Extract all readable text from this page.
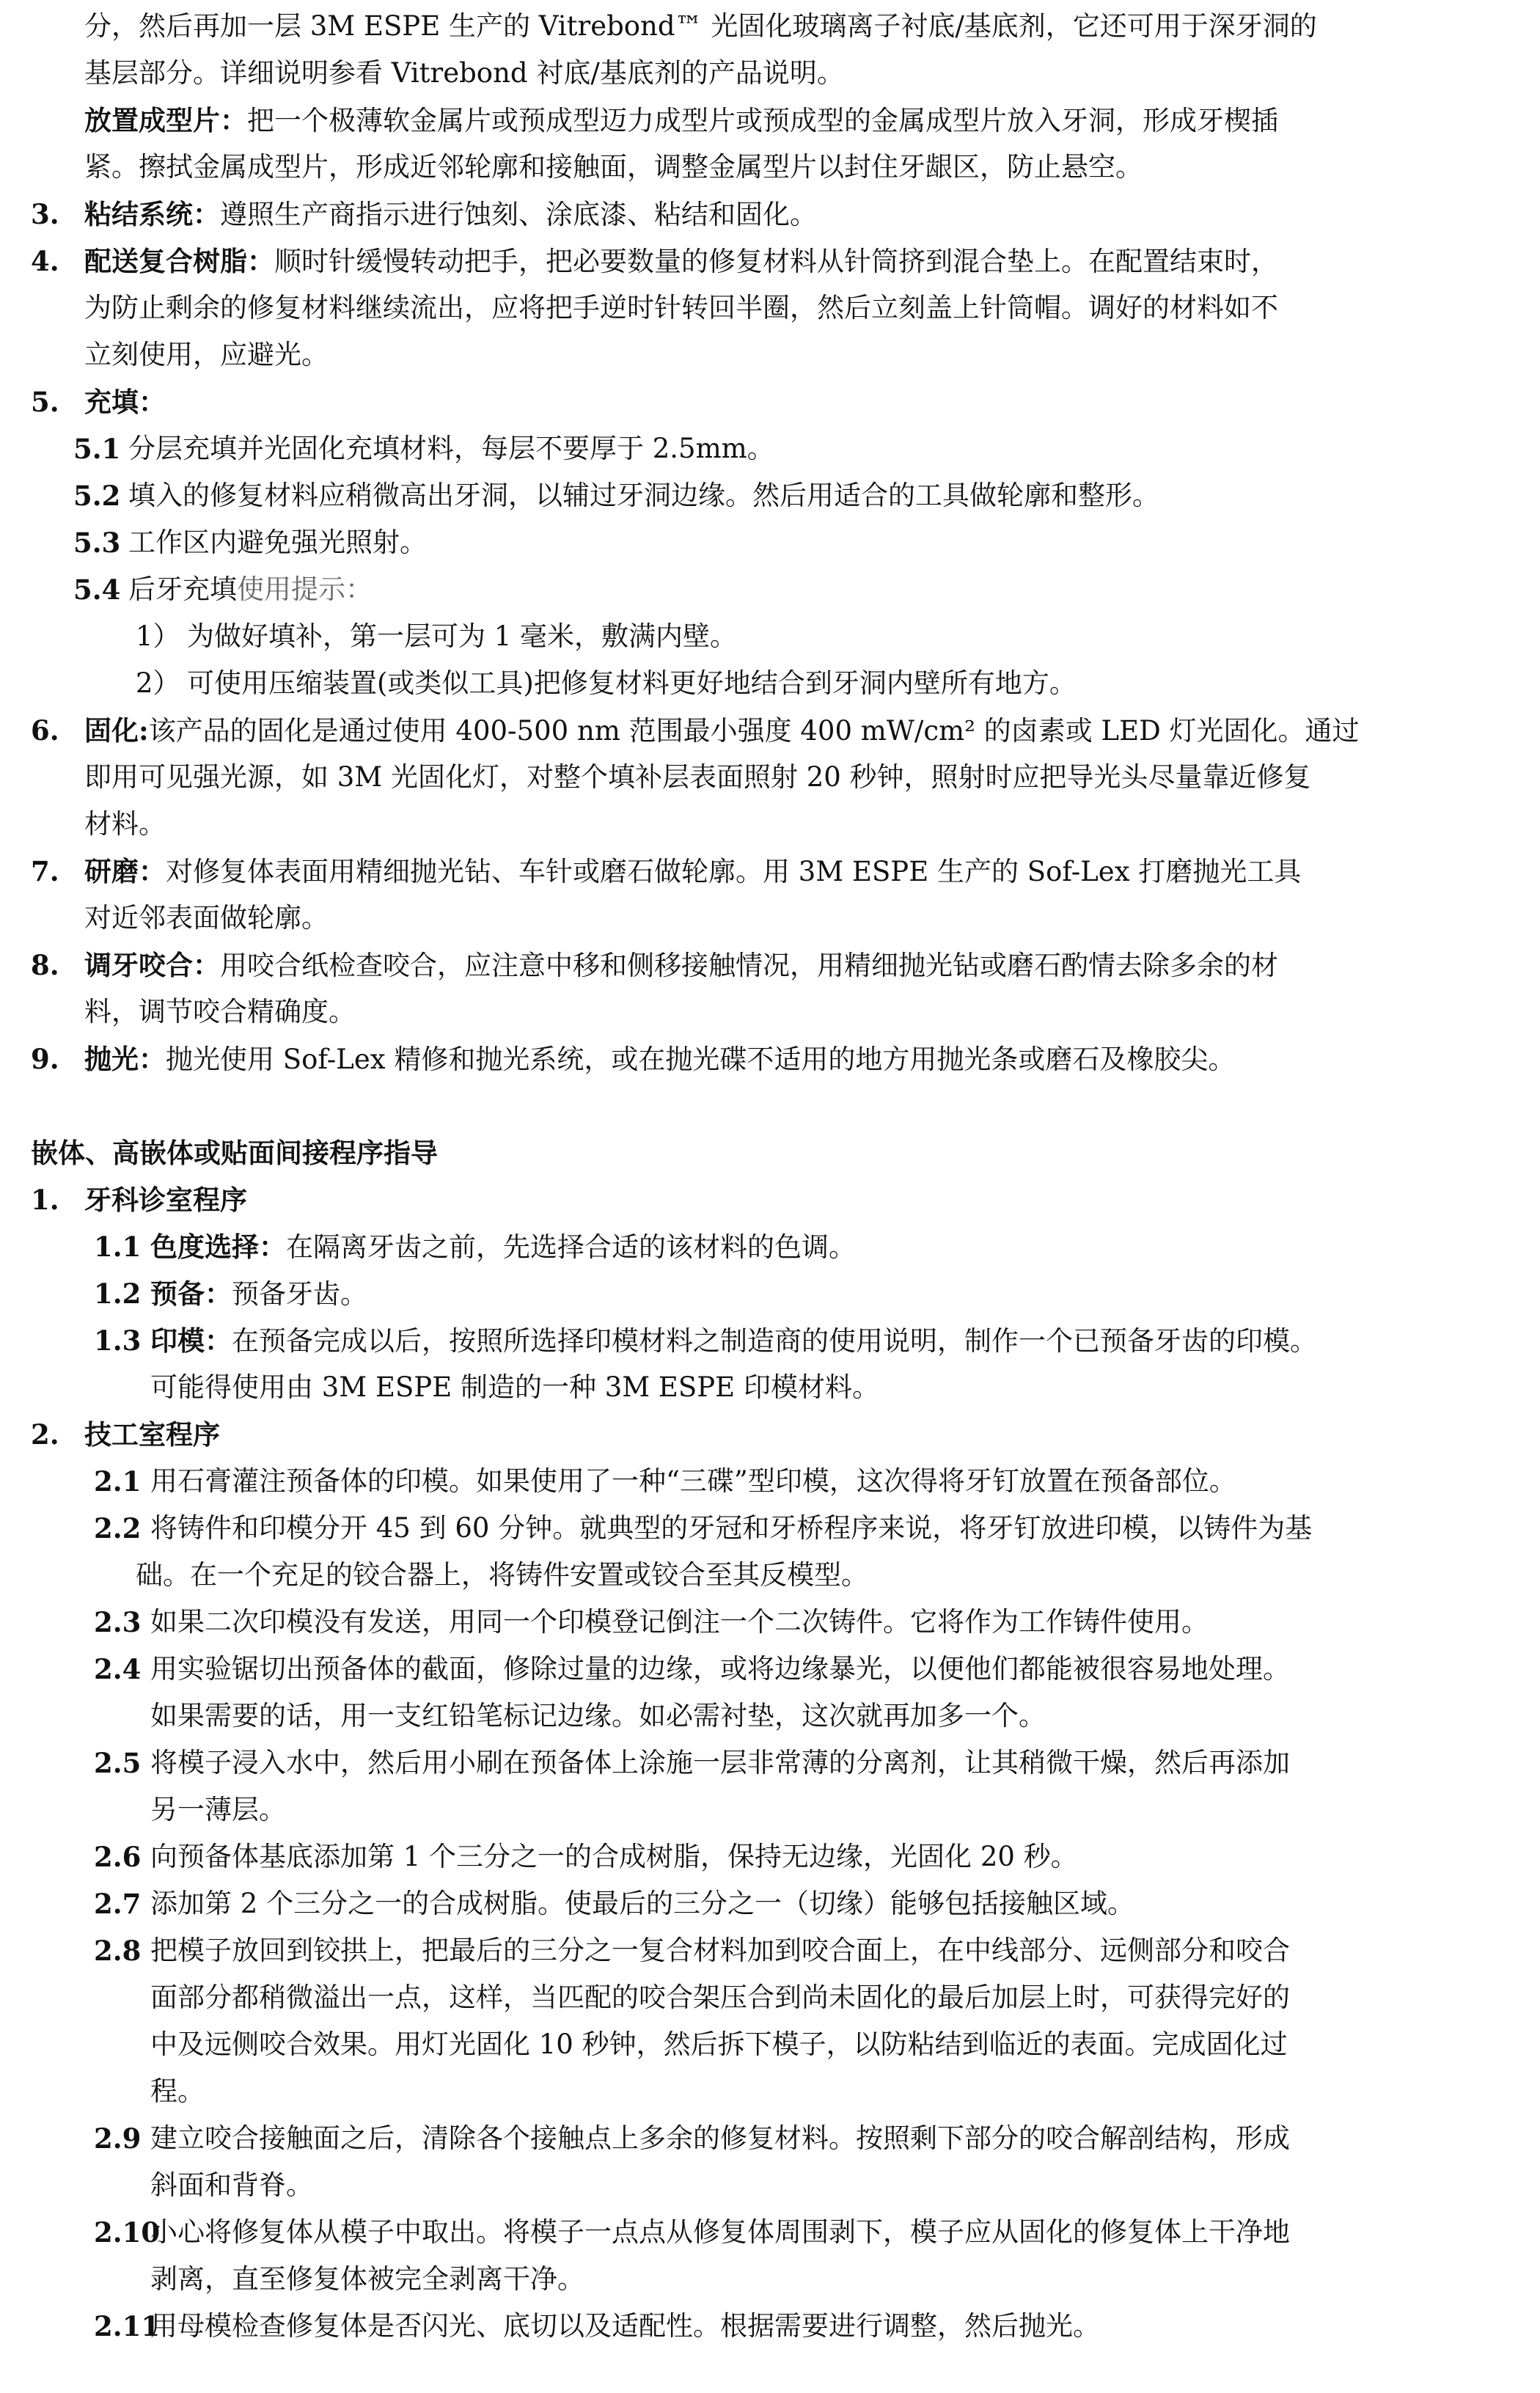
分，然后再加一层 3M ESPE 生产的 Vitrebond™ 光固化玻璃离子衬底/基底剂，它还可用于深牙洞的
基层部分。详细说明参看 Vitrebond 衬底/基底剂的产品说明。
放置成型片：把一个极薄软金属片或预成型迈力成型片或预成型的金属成型片放入牙洞，形成牙楔插
紧。擦拭金属成型片，形成近邻轮廓和接触面，调整金属型片以封住牙龈区，防止悬空。
3. 粘结系统：遵照生产商指示进行蚀刻、涂底漆、粘结和固化。
4. 配送复合树脂：顺时针缓慢转动把手，把必要数量的修复材料从针筒挤到混合垫上。在配置结束时，
为防止剩余的修复材料继续流出，应将把手逆时针转回半圈，然后立刻盖上针筒帽。调好的材料如不
立刻使用，应避光。
5. 充填：
5.1 分层充填并光固化充填材料，每层不要厚于 2.5mm。
5.2 填入的修复材料应稍微高出牙洞，以辅过牙洞边缘。然后用适合的工具做轮廓和整形。
5.3 工作区内避免强光照射。
5.4 后牙充填使用提示：
1） 为做好填补，第一层可为 1 毫米，敷满内壁。
2） 可使用压缩装置(或类似工具)把修复材料更好地结合到牙洞内壁所有地方。
6. 固化:该产品的固化是通过使用 400-500 nm 范围最小强度 400 mW/cm² 的卤素或 LED 灯光固化。通过
即用可见强光源，如 3M 光固化灯，对整个填补层表面照射 20 秒钟，照射时应把导光头尽量靠近修复
材料。
7. 研磨：对修复体表面用精细抛光钻、车针或磨石做轮廓。用 3M ESPE 生产的 Sof-Lex 打磨抛光工具
对近邻表面做轮廓。
8. 调牙咬合：用咬合纸检查咬合，应注意中移和侧移接触情况，用精细抛光钻或磨石酌情去除多余的材
料，调节咬合精确度。
9. 抛光：抛光使用 Sof-Lex 精修和抛光系统，或在抛光碟不适用的地方用抛光条或磨石及橡胶尖。
嵌体、高嵌体或贴面间接程序指导
1. 牙科诊室程序
1.1 色度选择：在隔离牙齿之前，先选择合适的该材料的色调。
1.2 预备：预备牙齿。
1.3 印模：在预备完成以后，按照所选择印模材料之制造商的使用说明，制作一个已预备牙齿的印模。
可能得使用由 3M ESPE 制造的一种 3M ESPE 印模材料。
2. 技工室程序
2.1 用石膏灌注预备体的印模。如果使用了一种“三碟”型印模，这次得将牙钉放置在预备部位。
2.2 将铸件和印模分开 45 到 60 分钟。就典型的牙冠和牙桥程序来说，将牙钉放进印模，以铸件为基
础。在一个充足的铰合器上，将铸件安置或铰合至其反模型。
2.3 如果二次印模没有发送，用同一个印模登记倒注一个二次铸件。它将作为工作铸件使用。
2.4 用实验锯切出预备体的截面，修除过量的边缘，或将边缘暴光，以便他们都能被很容易地处理。
如果需要的话，用一支红铅笔标记边缘。如必需衬垫，这次就再加多一个。
2.5 将模子浸入水中，然后用小刷在预备体上涂施一层非常薄的分离剂，让其稍微干燥，然后再添加
另一薄层。
2.6 向预备体基底添加第 1 个三分之一的合成树脂，保持无边缘，光固化 20 秒。
2.7 添加第 2 个三分之一的合成树脂。使最后的三分之一（切缘）能够包括接触区域。
2.8 把模子放回到铰拱上，把最后的三分之一复合材料加到咬合面上，在中线部分、远侧部分和咬合
面部分都稍微溢出一点，这样，当匹配的咬合架压合到尚未固化的最后加层上时，可获得完好的
中及远侧咬合效果。用灯光固化 10 秒钟，然后拆下模子，以防粘结到临近的表面。完成固化过
程。
2.9 建立咬合接触面之后，清除各个接触点上多余的修复材料。按照剩下部分的咬合解剖结构，形成
斜面和背脊。
2.10
小心将修复体从模子中取出。将模子一点点从修复体周围剥下，模子应从固化的修复体上干净地
剥离，直至修复体被完全剥离干净。
2.11
用母模检查修复体是否闪光、底切以及适配性。根据需要进行调整，然后抛光。
